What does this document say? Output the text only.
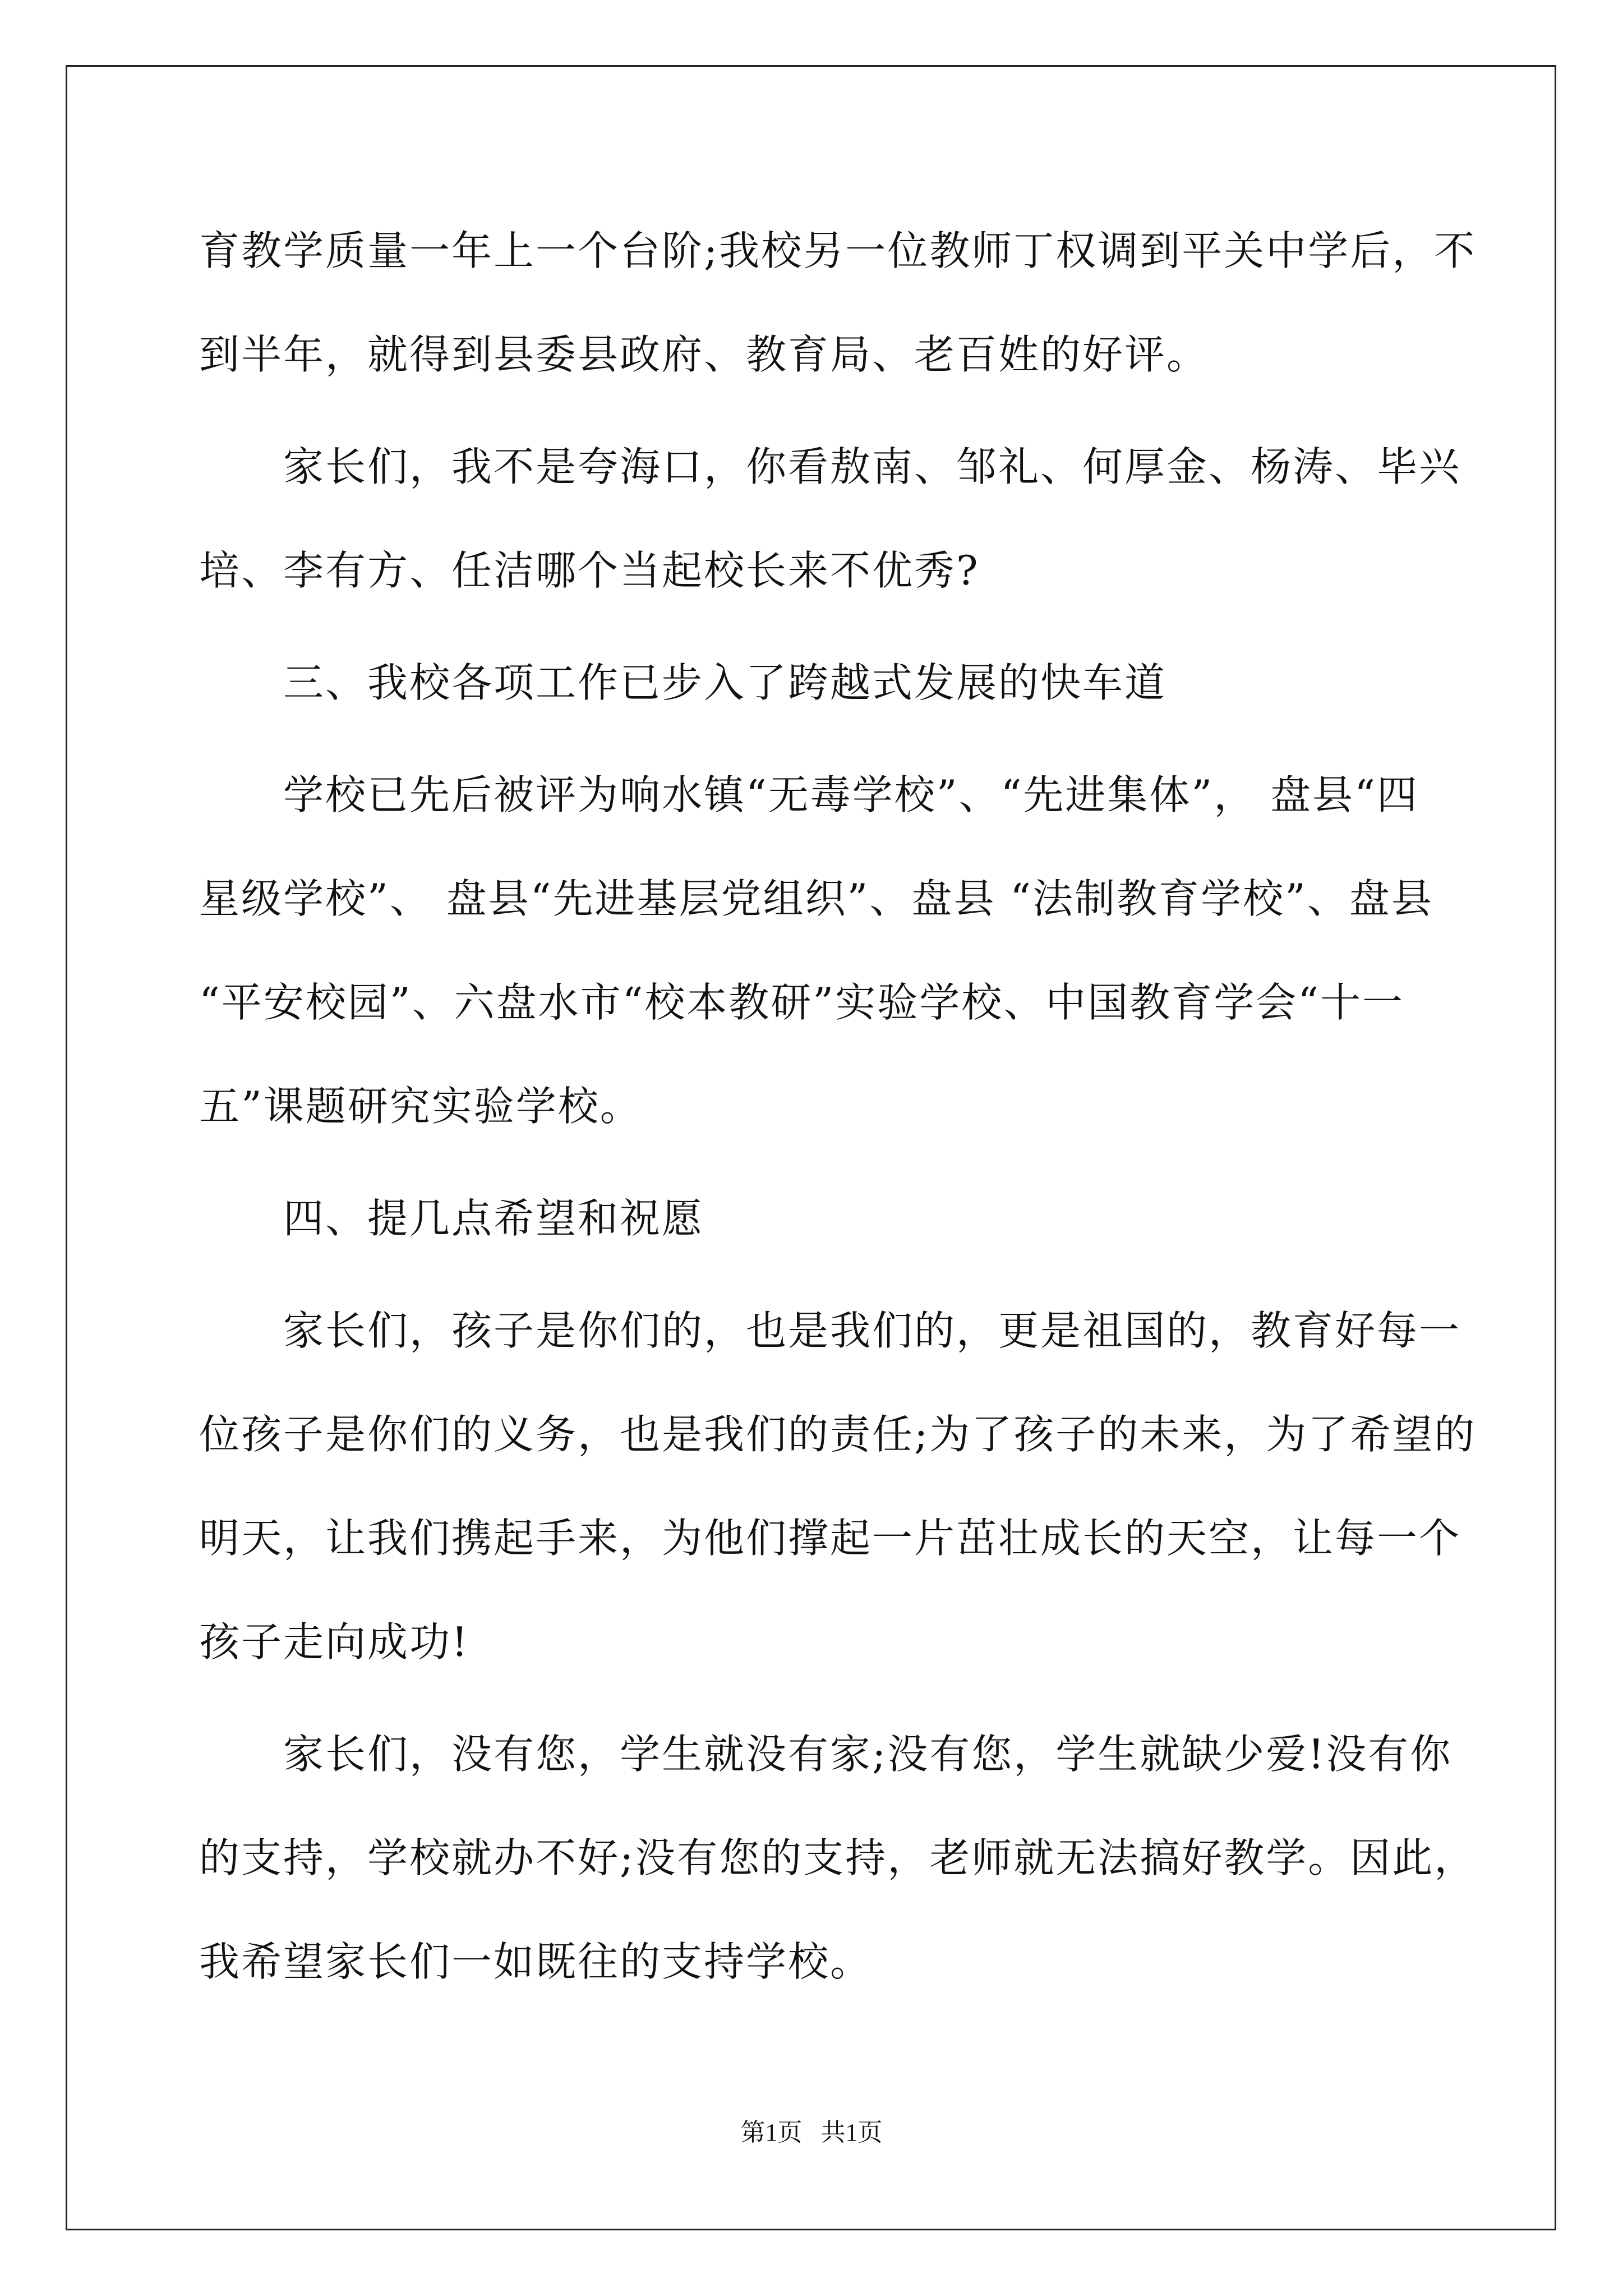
育教学质量一年上一个台阶;我校另一位教师丁权调到平关中学后，不
到半年，就得到县委县政府、教育局、老百姓的好评。
家长们，我不是夸海口，你看敖南、邹礼、何厚金、杨涛、毕兴
培、李有方、任洁哪个当起校长来不优秀?
三、我校各项工作已步入了跨越式发展的快车道
学校已先后被评为响水镇“无毒学校”、“先进集体”， 盘县“四
星级学校”、 盘县“先进基层党组织”、盘县 “法制教育学校”、盘县
“平安校园”、六盘水市“校本教研”实验学校、中国教育学会“十一
五”课题研究实验学校。
四、提几点希望和祝愿
家长们，孩子是你们的，也是我们的，更是祖国的，教育好每一
位孩子是你们的义务，也是我们的责任;为了孩子的未来，为了希望的
明天，让我们携起手来，为他们撑起一片茁壮成长的天空，让每一个
孩子走向成功!
家长们，没有您，学生就没有家;没有您，学生就缺少爱!没有你
的支持，学校就办不好;没有您的支持，老师就无法搞好教学。因此，
我希望家长们一如既往的支持学校。
第1页 共1页
